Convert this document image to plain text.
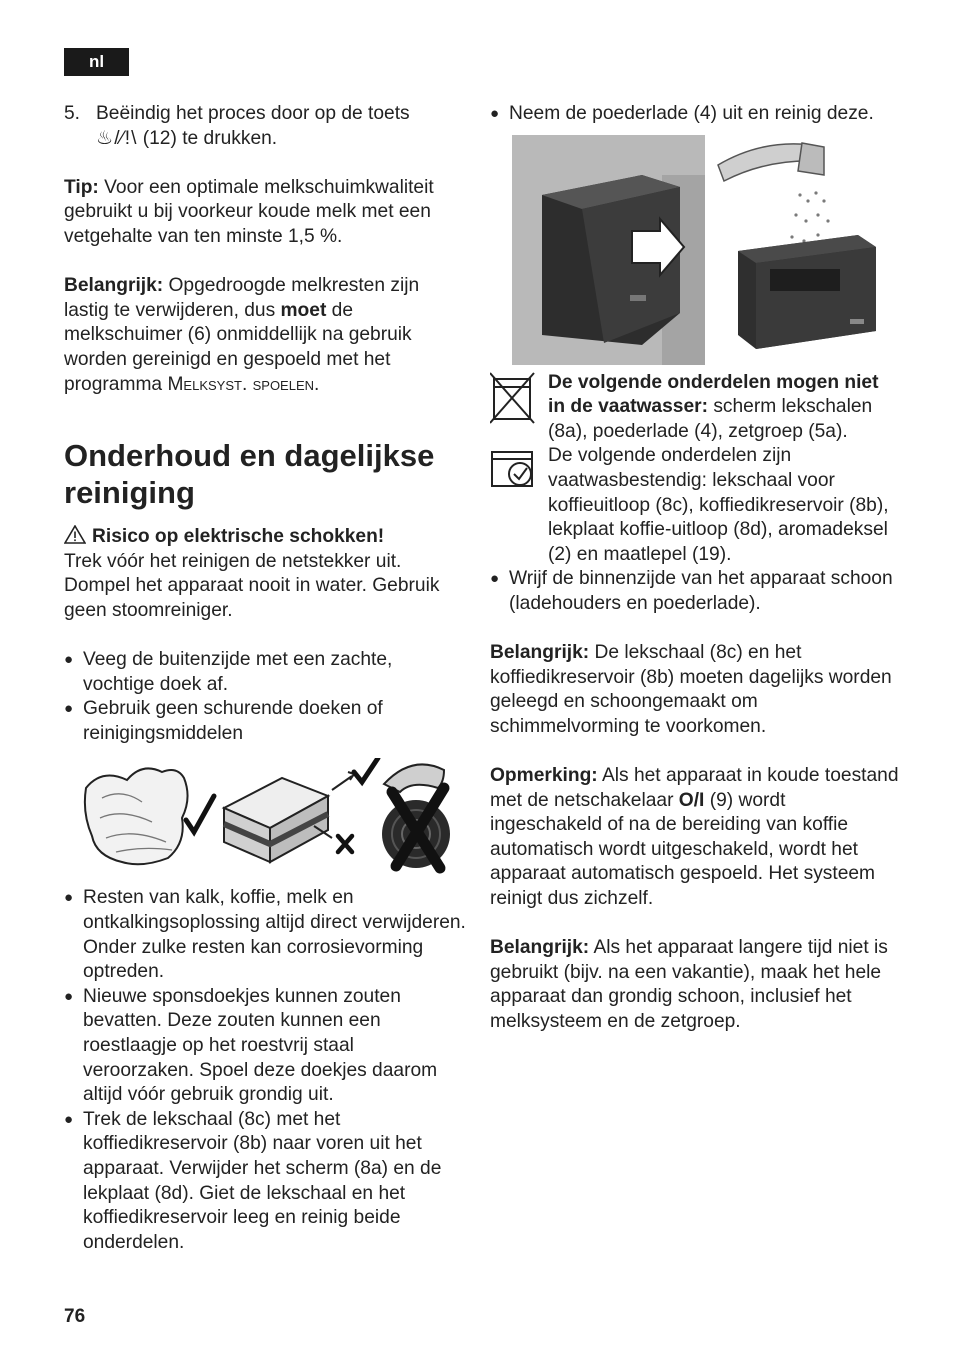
nl
5. Beëindig het proces door op de toets

♨/⁄!\ (12) te drukken.

Tip: Voor een optimale melkschuimkwaliteit gebruikt u bij voorkeur koude melk met een vetgehalte van ten minste 1,5 %.

Belangrijk: Opgedroogde melkresten zijn lastig te verwijderen, dus moet de melkschuimer (6) onmiddellijk na gebruik worden gereinigd en gespoeld met het programma Melksyst. spoelen.

Onderhoud en dagelijkse reiniging

Risico op elektrische schokken!

Trek vóór het reinigen de netstekker uit. Dompel het apparaat nooit in water. Gebruik geen stoomreiniger.

● Veeg de buitenzijde met een zachte, vochtige doek af.
● Gebruik geen schurende doeken of reinigingsmiddelen
● Resten van kalk, koffie, melk en ontkalkingsoplossing altijd direct verwijderen. Onder zulke resten kan corrosievorming optreden.
● Nieuwe sponsdoekjes kunnen zouten bevatten. Deze zouten kunnen een roestlaagje op het roestvrij staal veroorzaken. Spoel deze doekjes daarom altijd vóór gebruik grondig uit.
● Trek de lekschaal (8c) met het koffiedikreservoir (8b) naar voren uit het apparaat. Verwijder het scherm (8a) en de lekplaat (8d). Giet de lekschaal en het koffiedikreservoir leeg en reinig beide onderdelen.
● Neem de poederlade (4) uit en reinig deze.

De volgende onderdelen mogen niet in de vaatwasser: scherm lekschalen (8a), poederlade (4), zetgroep (5a).

De volgende onderdelen zijn vaatwasbestendig: lekschaal voor koffieuitloop (8c), koffiedikreservoir (8b), lekplaat koffie-uitloop (8d), aromadeksel (2) en maatlepel (19).

● Wrijf de binnenzijde van het apparaat schoon (ladehouders en poederlade).

Belangrijk: De lekschaal (8c) en het koffiedikreservoir (8b) moeten dagelijks worden geleegd en schoongemaakt om schimmelvorming te voorkomen.

Opmerking: Als het apparaat in koude toestand met de netschakelaar O/I (9) wordt ingeschakeld of na de bereiding van koffie automatisch wordt uitgeschakeld, wordt het apparaat automatisch gespoeld. Het systeem reinigt dus zichzelf.

Belangrijk: Als het apparaat langere tijd niet is gebruikt (bijv. na een vakantie), maak het hele apparaat dan grondig schoon, inclusief het melksysteem en de zetgroep.

76
